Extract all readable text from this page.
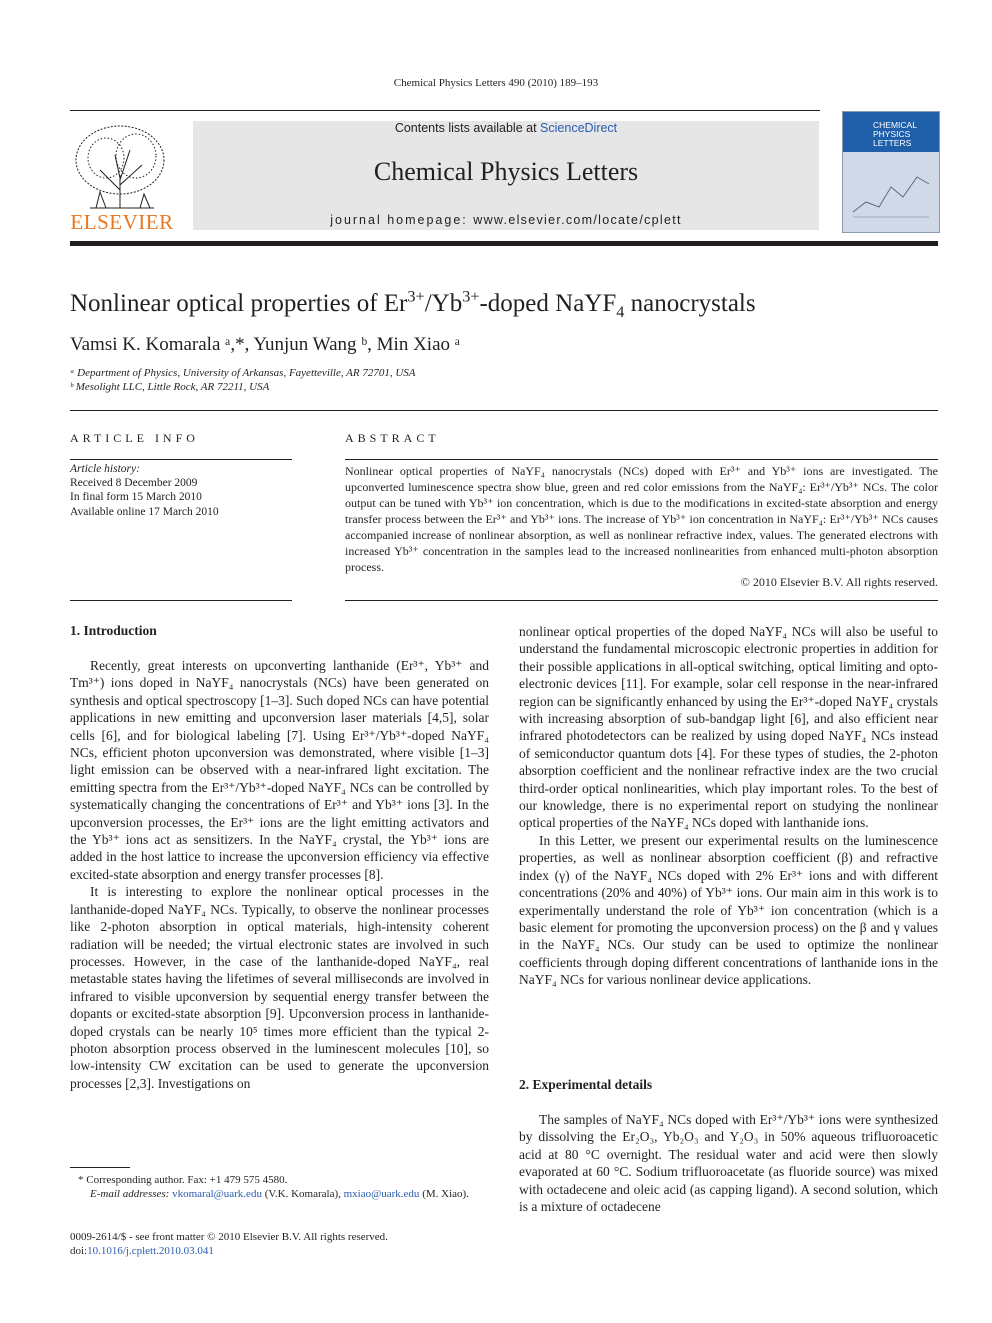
Chemical Physics Letters 490 (2010) 189–193
ELSEVIER
Contents lists available at ScienceDirect
Chemical Physics Letters
journal homepage: www.elsevier.com/locate/cplett
CHEMICAL PHYSICS LETTERS
Nonlinear optical properties of $Er^{3+}/Yb^{3+}$-doped NaYF$_4$ nanocrystals
Vamsi K. Komarala ᵃ,*, Yunjun Wang ᵇ, Min Xiao ᵃ
ᵃ Department of Physics, University of Arkansas, Fayetteville, AR 72701, USA
ᵇ Mesolight LLC, Little Rock, AR 72211, USA
ARTICLE INFO
Article history:
Received 8 December 2009
In final form 15 March 2010
Available online 17 March 2010
ABSTRACT
Nonlinear optical properties of NaYF₄ nanocrystals (NCs) doped with Er³⁺ and Yb³⁺ ions are investigated. The upconverted luminescence spectra show blue, green and red color emissions from the NaYF₄: Er³⁺/Yb³⁺ NCs. The color output can be tuned with Yb³⁺ ion concentration, which is due to the modifications in excited-state absorption and energy transfer process between the Er³⁺ and Yb³⁺ ions. The increase of Yb³⁺ ion concentration in NaYF₄: Er³⁺/Yb³⁺ NCs causes accompanied increase of nonlinear absorption, as well as nonlinear refractive index, values. The generated electrons with increased Yb³⁺ concentration in the samples lead to the increased nonlinearities from enhanced multi-photon absorption process.
© 2010 Elsevier B.V. All rights reserved.
1. Introduction

Recently, great interests on upconverting lanthanide (Er³⁺, Yb³⁺ and Tm³⁺) ions doped in NaYF₄ nanocrystals (NCs) have been generated on synthesis and optical spectroscopy [1–3]. Such doped NCs can have potential applications in new emitting and upconversion laser materials [4,5], solar cells [6], and for biological labeling [7]. Using Er³⁺/Yb³⁺-doped NaYF₄ NCs, efficient photon upconversion was demonstrated, where visible [1–3] light emission can be observed with a near-infrared light excitation. The emitting spectra from the Er³⁺/Yb³⁺-doped NaYF₄ NCs can be controlled by systematically changing the concentrations of Er³⁺ and Yb³⁺ ions [3]. In the upconversion processes, the Er³⁺ ions are the light emitting activators and the Yb³⁺ ions act as sensitizers. In the NaYF₄ crystal, the Yb³⁺ ions are added in the host lattice to increase the upconversion efficiency via effective excited-state absorption and energy transfer processes [8].

It is interesting to explore the nonlinear optical processes in the lanthanide-doped NaYF₄ NCs. Typically, to observe the nonlinear processes like 2-photon absorption in optical materials, high-intensity coherent radiation will be needed; the virtual electronic states are involved in such processes. However, in the case of the lanthanide-doped NaYF₄, real metastable states having the lifetimes of several milliseconds are involved in infrared to visible upconversion by sequential energy transfer between the dopants or excited-state absorption [9]. Upconversion process in lanthanide-doped crystals can be nearly 10⁵ times more efficient than the typical 2-photon absorption process observed in the luminescent molecules [10], so low-intensity CW excitation can be used to generate the upconversion processes [2,3]. Investigations on

nonlinear optical properties of the doped NaYF₄ NCs will also be useful to understand the fundamental microscopic electronic properties in addition for their possible applications in all-optical switching, optical limiting and opto-electronic devices [11]. For example, solar cell response in the near-infrared region can be significantly enhanced by using the Er³⁺-doped NaYF₄ crystals with increasing absorption of sub-bandgap light [6], and also efficient near infrared photodetectors can be realized by using doped NaYF₄ NCs instead of semiconductor quantum dots [4]. For these types of studies, the 2-photon absorption coefficient and the nonlinear refractive index are the two crucial third-order optical nonlinearities, which play important roles. To the best of our knowledge, there is no experimental report on studying the nonlinear optical properties of the NaYF₄ NCs doped with lanthanide ions.

In this Letter, we present our experimental results on the luminescence properties, as well as nonlinear absorption coefficient (β) and refractive index (γ) of the NaYF₄ NCs doped with 2% Er³⁺ ions and with different concentrations (20% and 40%) of Yb³⁺ ions. Our main aim in this work is to experimentally understand the role of Yb³⁺ ion concentration (which is a basic element for promoting the upconversion process) on the β and γ values in the NaYF₄ NCs. Our study can be used to optimize the nonlinear coefficients through doping different concentrations of lanthanide ions in the NaYF₄ NCs for various nonlinear device applications.

2. Experimental details

The samples of NaYF₄ NCs doped with Er³⁺/Yb³⁺ ions were synthesized by dissolving the Er₂O₃, Yb₂O₃ and Y₂O₃ in 50% aqueous trifluoroacetic acid at 80 °C overnight. The residual water and acid were then slowly evaporated at 60 °C. Sodium trifluoroacetate (as fluoride source) was mixed with octadecene and oleic acid (as capping ligand). A second solution, which is a mixture of octadecene

* Corresponding author. Fax: +1 479 575 4580.
E-mail addresses: vkomaral@uark.edu (V.K. Komarala), mxiao@uark.edu (M. Xiao).
0009-2614/$ - see front matter © 2010 Elsevier B.V. All rights reserved.
doi:10.1016/j.cplett.2010.03.041
